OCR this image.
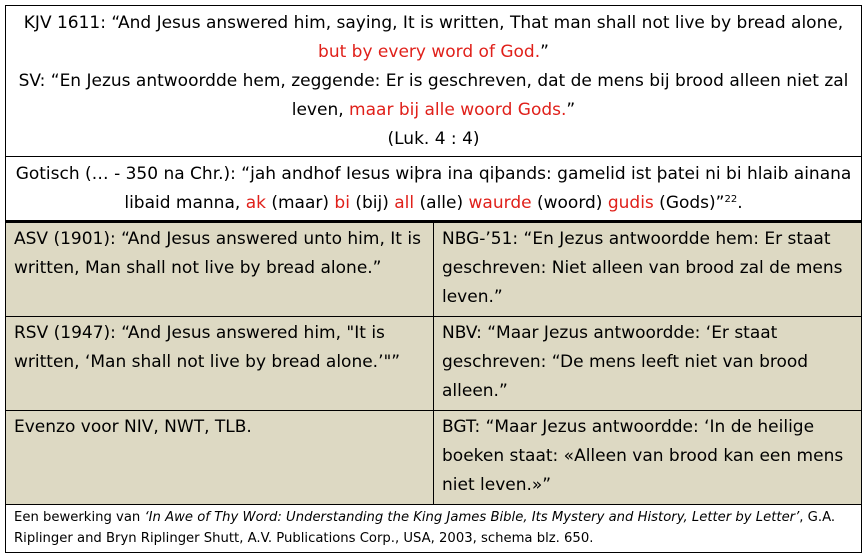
KJV 1611: “And Jesus answered him, saying, It is written, That man shall not live by bread alone, but by every word of God.”
SV: “En Jezus antwoordde hem, zeggende: Er is geschreven, dat de mens bij brood alleen niet zal leven, maar bij alle woord Gods.”
(Luk. 4 : 4)	

Gotisch (… - 350 na Chr.): “jah andhof Iesus wiþra ina qiþands: gamelid ist þatei ni bi hlaib ainana libaid manna, ak (maar) bi (bij) all (alle) waurde (woord) gudis (Gods)”$^{22}$.	
ASV (1901): “And Jesus answered unto him, It is written, Man shall not live by bread alone.”	NBG-’51: “En Jezus antwoordde hem: Er staat geschreven: Niet alleen van brood zal de mens leven.”
RSV (1947): “And Jesus answered him, "It is written, ‘Man shall not live by bread alone.’"”	NBV: “Maar Jezus antwoordde: ‘Er staat geschreven: “De mens leeft niet van brood alleen.”
Evenzo voor NIV, NWT, TLB.	BGT: “Maar Jezus antwoordde: ‘In de heilige boeken staat: «Alleen van brood kan een mens niet leven.»”
Een bewerking van ‘In Awe of Thy Word: Understanding the King James Bible, Its Mystery and History, Letter by Letter’, G.A. Riplinger and Bryn Riplinger Shutt, A.V. Publications Corp., USA, 2003, schema blz. 650.	
